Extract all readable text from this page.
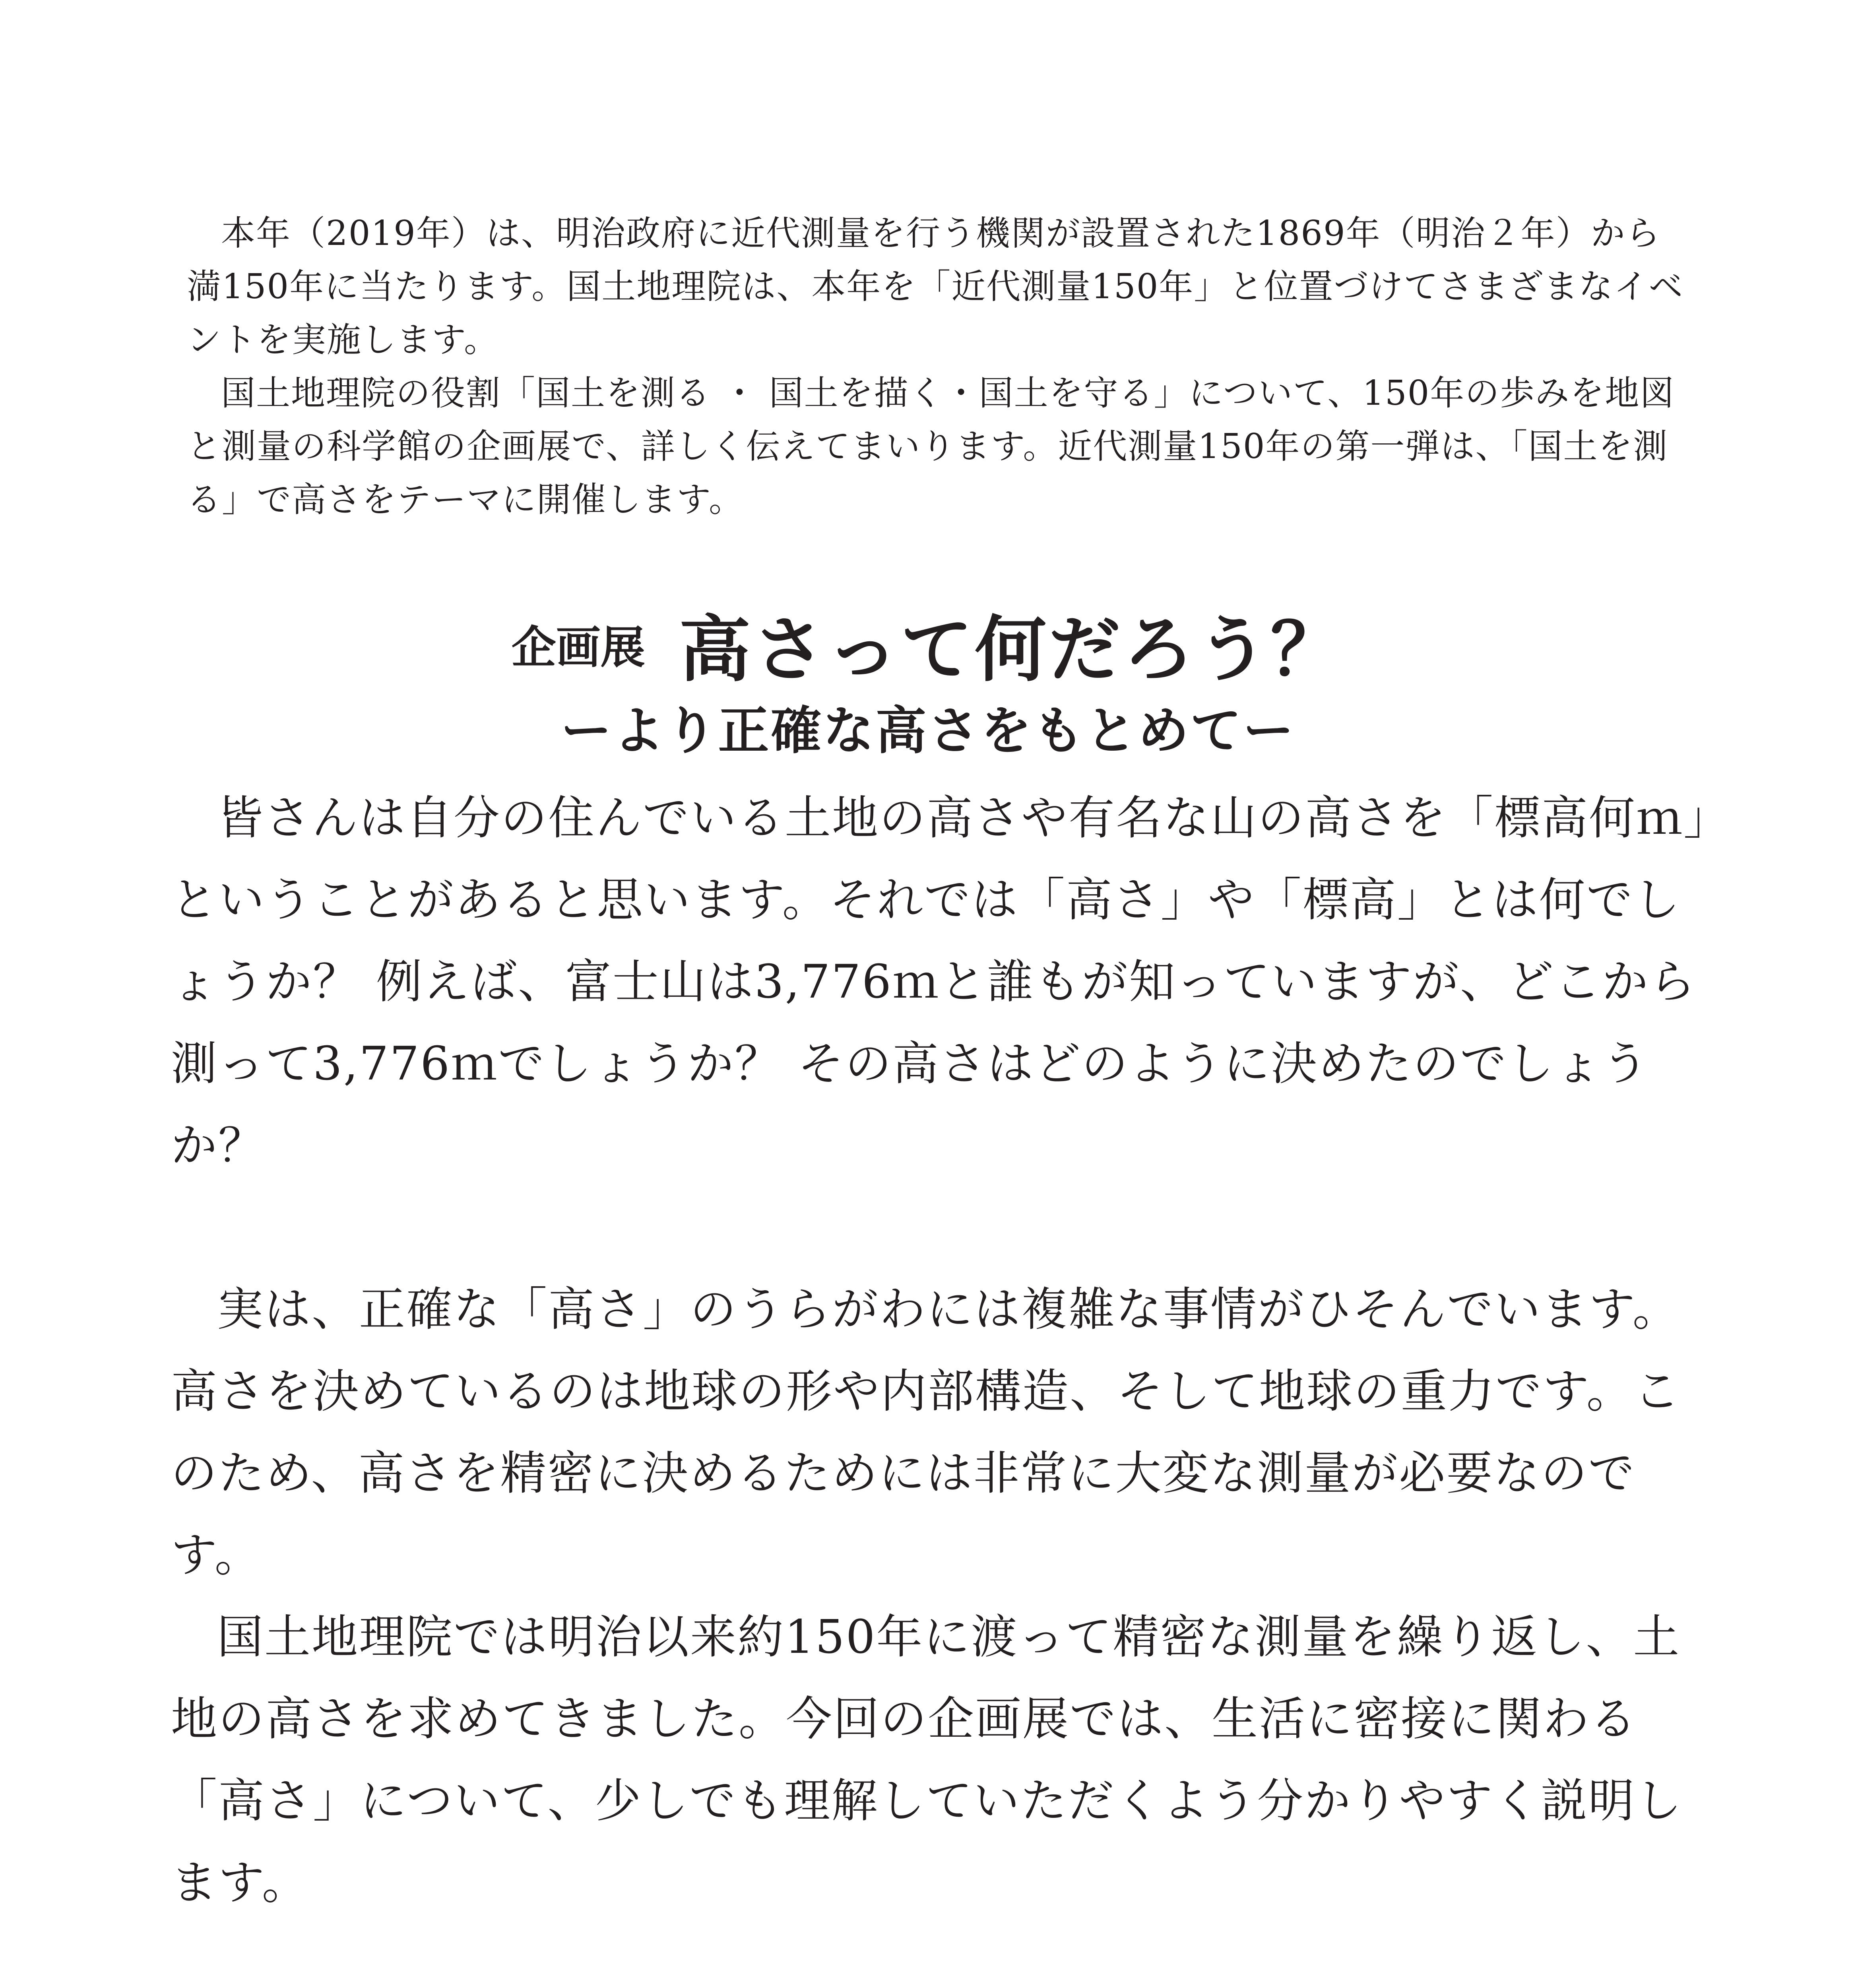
本年（2019年）は、明治政府に近代測量を行う機関が設置された1869年（明治２年）から満150年に当たります。国土地理院は、本年を「近代測量150年」と位置づけてさまざまなイベントを実施します。

国土地理院の役割「国土を測る ・ 国土を描く・国土を守る」について、150年の歩みを地図と測量の科学館の企画展で、詳しく伝えてまいります。近代測量150年の第一弾は、「国土を測る」で高さをテーマに開催します。

企画展 高さって何だろう？
ーより正確な高さをもとめてー

皆さんは自分の住んでいる土地の高さや有名な山の高さを「標高何ｍ」ということがあると思います。それでは「高さ」や「標高」とは何でしょうか？ 例えば、富士山は3,776ｍと誰もが知っていますが、どこから測って3,776ｍでしょうか？ その高さはどのように決めたのでしょうか？

実は、正確な「高さ」のうらがわには複雑な事情がひそんでいます。高さを決めているのは地球の形や内部構造、そして地球の重力です。このため、高さを精密に決めるためには非常に大変な測量が必要なのです。

国土地理院では明治以来約150年に渡って精密な測量を繰り返し、土地の高さを求めてきました。今回の企画展では、生活に密接に関わる「高さ」について、少しでも理解していただくよう分かりやすく説明します。
